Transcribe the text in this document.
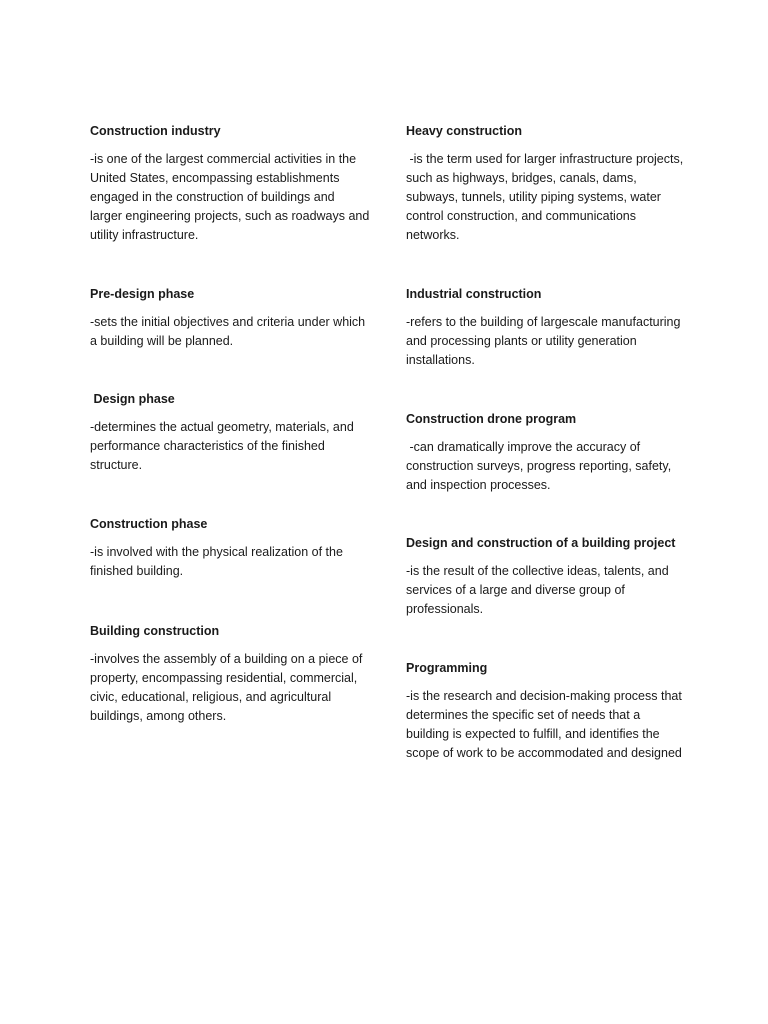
Construction industry

-is one of the largest commercial activities in the United States, encompassing establishments engaged in the construction of buildings and larger engineering projects, such as roadways and utility infrastructure.

Pre-design phase

-sets the initial objectives and criteria under which a building will be planned.

Design phase

-determines the actual geometry, materials, and performance characteristics of the finished structure.

Construction phase

-is involved with the physical realization of the finished building.

Building construction

-involves the assembly of a building on a piece of property, encompassing residential, commercial, civic, educational, religious, and agricultural buildings, among others.

Heavy construction

-is the term used for larger infrastructure projects, such as highways, bridges, canals, dams, subways, tunnels, utility piping systems, water control construction, and communications networks.

Industrial construction

-refers to the building of largescale manufacturing and processing plants or utility generation installations.

Construction drone program

-can dramatically improve the accuracy of construction surveys, progress reporting, safety, and inspection processes.

Design and construction of a building project

-is the result of the collective ideas, talents, and services of a large and diverse group of professionals.

Programming

-is the research and decision-making process that determines the specific set of needs that a building is expected to fulfill, and identifies the scope of work to be accommodated and designed
